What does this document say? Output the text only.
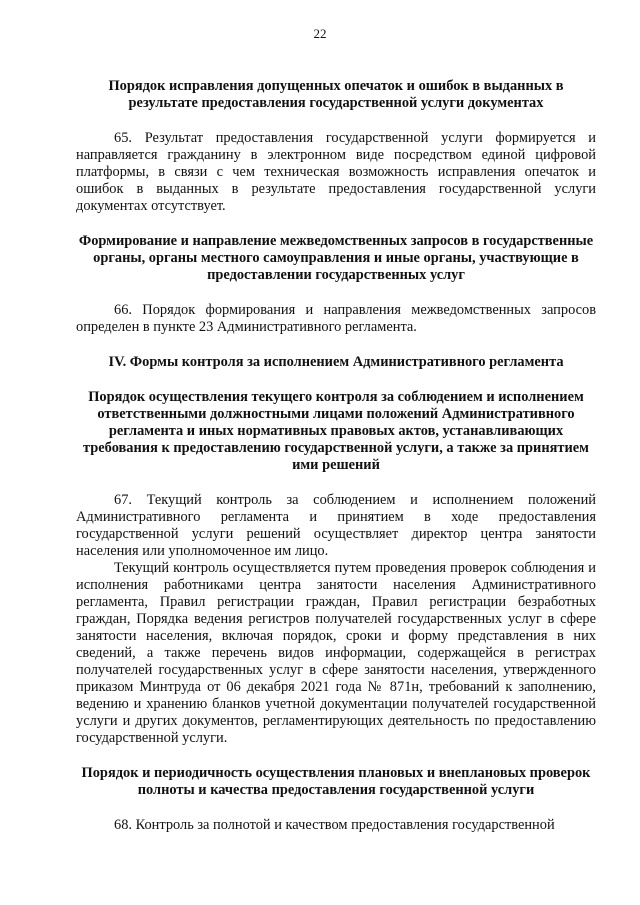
22

Порядок исправления допущенных опечаток и ошибок в выданных в результате предоставления государственной услуги документах

65. Результат предоставления государственной услуги формируется и направляется гражданину в электронном виде посредством единой цифровой платформы, в связи с чем техническая возможность исправления опечаток и ошибок в выданных в результате предоставления государственной услуги документах отсутствует.

Формирование и направление межведомственных запросов в государственные органы, органы местного самоуправления и иные органы, участвующие в предоставлении государственных услуг

66. Порядок формирования и направления межведомственных запросов определен в пункте 23 Административного регламента.

IV. Формы контроля за исполнением Административного регламента

Порядок осуществления текущего контроля за соблюдением и исполнением ответственными должностными лицами положений Административного регламента и иных нормативных правовых актов, устанавливающих требования к предоставлению государственной услуги, а также за принятием ими решений

67. Текущий контроль за соблюдением и исполнением положений Административного регламента и принятием в ходе предоставления государственной услуги решений осуществляет директор центра занятости населения или уполномоченное им лицо.

Текущий контроль осуществляется путем проведения проверок соблюдения и исполнения работниками центра занятости населения Административного регламента, Правил регистрации граждан, Правил регистрации безработных граждан, Порядка ведения регистров получателей государственных услуг в сфере занятости населения, включая порядок, сроки и форму представления в них сведений, а также перечень видов информации, содержащейся в регистрах получателей государственных услуг в сфере занятости населения, утвержденного приказом Минтруда от 06 декабря 2021 года № 871н, требований к заполнению, ведению и хранению бланков учетной документации получателей государственной услуги и других документов, регламентирующих деятельность по предоставлению государственной услуги.

Порядок и периодичность осуществления плановых и внеплановых проверок полноты и качества предоставления государственной услуги

68. Контроль за полнотой и качеством предоставления государственной
